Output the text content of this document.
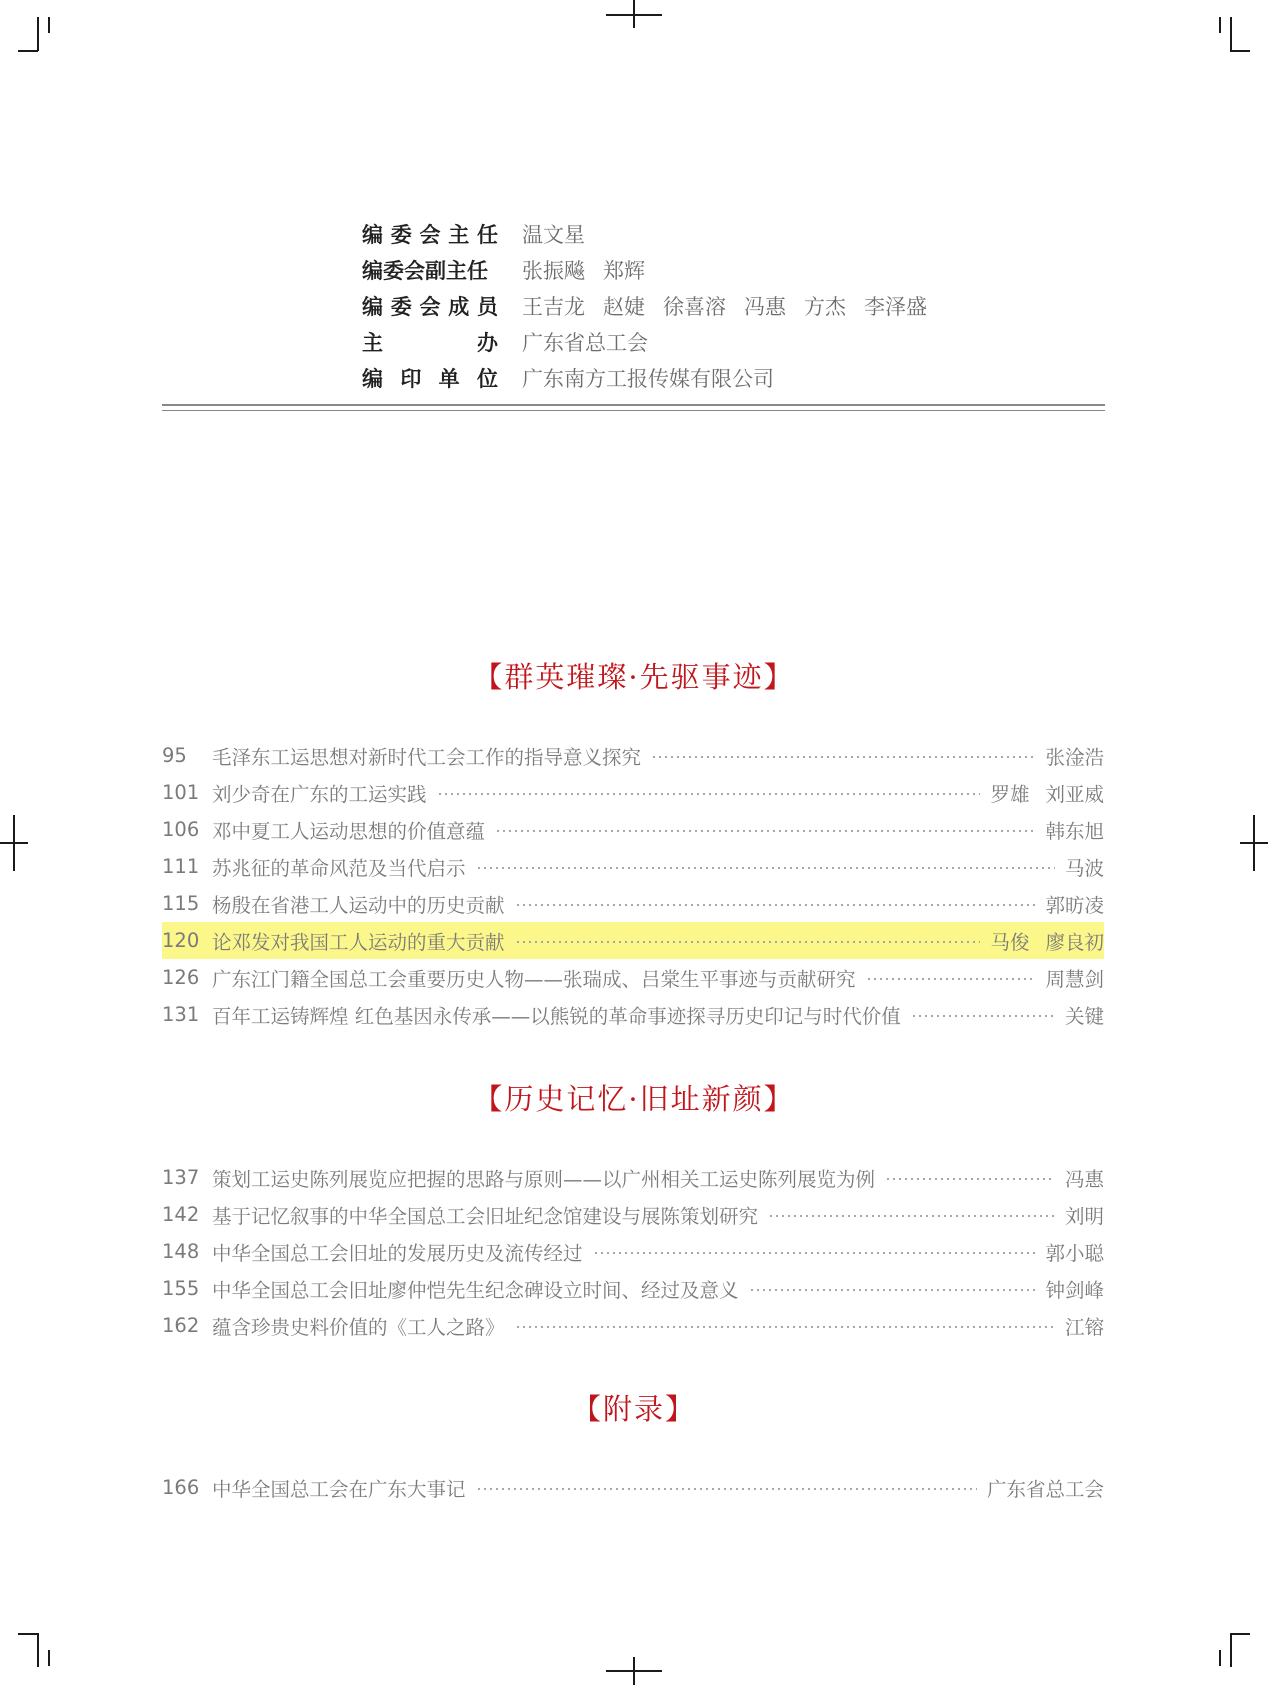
编 委 会 主 任 温文星
编委会副主任	张振飚 郑辉
编 委 会 成 员 王吉龙 赵婕 徐喜溶 冯惠 方杰 李泽盛
主	办 广东省总工会
编 印 单 位 广东南方工报传媒有限公司
【群英璀璨·先驱事迹】
95	毛泽东工运思想对新时代工会工作的指导意义探究	张淦浩
101 刘少奇在广东的工运实践	罗雄 刘亚威
106 邓中夏工人运动思想的价值意蕴	韩东旭
111 苏兆征的革命风范及当代启示	马波
115 杨殷在省港工人运动中的历史贡献	郭昉凌
120 论邓发对我国工人运动的重大贡献	马俊 廖良初
126 广东江门籍全国总工会重要历史人物——张瑞成、吕棠生平事迹与贡献研究	周慧剑
131 百年工运铸辉煌 红色基因永传承——以熊锐的革命事迹探寻历史印记与时代价值	关键
【历史记忆·旧址新颜】
137 策划工运史陈列展览应把握的思路与原则——以广州相关工运史陈列展览为例	冯惠
142 基于记忆叙事的中华全国总工会旧址纪念馆建设与展陈策划研究	刘明
148 中华全国总工会旧址的发展历史及流传经过	郭小聪
155 中华全国总工会旧址廖仲恺先生纪念碑设立时间、经过及意义	钟剑峰
162 蕴含珍贵史料价值的《工人之路》	江镕
【附录】
166 中华全国总工会在广东大事记	广东省总工会
